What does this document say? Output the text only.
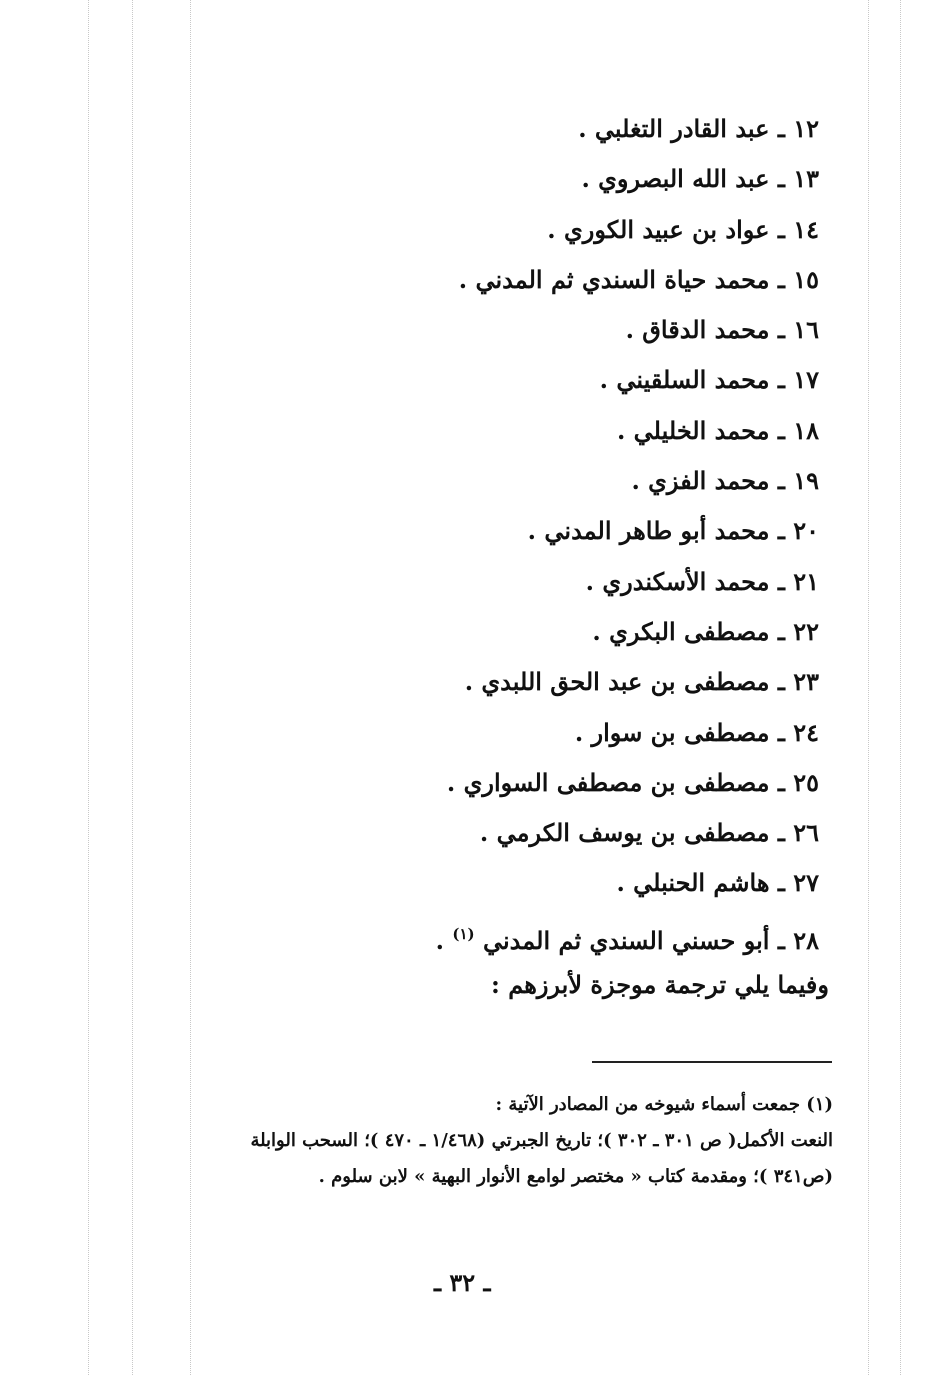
١٢ ـ عبد القادر التغلبي .
١٣ ـ عبد الله البصروي .
١٤ ـ عواد بن عبيد الكوري .
١٥ ـ محمد حياة السندي ثم المدني .
١٦ ـ محمد الدقاق .
١٧ ـ محمد السلقيني .
١٨ ـ محمد الخليلي .
١٩ ـ محمد الفزي .
٢٠ ـ محمد أبو طاهر المدني .
٢١ ـ محمد الأسكندري .
٢٢ ـ مصطفى البكري .
٢٣ ـ مصطفى بن عبد الحق اللبدي .
٢٤ ـ مصطفى بن سوار .
٢٥ ـ مصطفى بن مصطفى السواري .
٢٦ ـ مصطفى بن يوسف الكرمي .
٢٧ ـ هاشم الحنبلي .
٢٨ ـ أبو حسني السندي ثم المدني $^{(١)}$ .
وفيما يلي ترجمة موجزة لأبرزهم :
(١) جمعت أسماء شيوخه من المصادر الآتية :
النعت الأكمل( ص ٣٠١ ـ ٣٠٢ )؛ تاريخ الجبرتي (١/٤٦٨ ـ ٤٧٠ )؛ السحب الوابلة
(ص٣٤١ )؛ ومقدمة كتاب « مختصر لوامع الأنوار البهية » لابن سلوم .
ـ ٣٢ ـ
